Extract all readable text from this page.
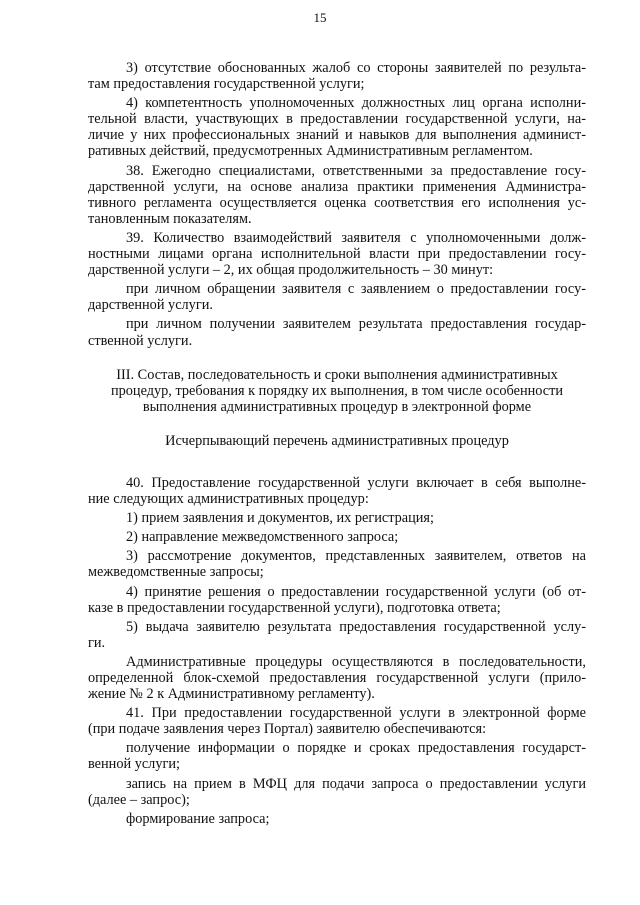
15
3) отсутствие обоснованных жалоб со стороны заявителей по результа-
там предоставления государственной услуги;
4) компетентность уполномоченных должностных лиц органа исполни-
тельной власти, участвующих в предоставлении государственной услуги, на-
личие у них профессиональных знаний и навыков для выполнения админист-
ративных действий, предусмотренных Административным регламентом.
38. Ежегодно специалистами, ответственными за предоставление госу-
дарственной услуги, на основе анализа практики применения Администра-
тивного регламента осуществляется оценка соответствия его исполнения ус-
тановленным показателям.
39. Количество взаимодействий заявителя с уполномоченными долж-
ностными лицами органа исполнительной власти при предоставлении госу-
дарственной услуги – 2, их общая продолжительность – 30 минут:
при личном обращении заявителя с заявлением о предоставлении госу-
дарственной услуги.
при личном получении заявителем результата предоставления государ-
ственной услуги.
III. Состав, последовательность и сроки выполнения административных
процедур, требования к порядку их выполнения, в том числе особенности
выполнения административных процедур в электронной форме
Исчерпывающий перечень административных процедур
40. Предоставление государственной услуги включает в себя выполне-
ние следующих административных процедур:
1) прием заявления и документов, их регистрация;
2) направление межведомственного запроса;
3) рассмотрение документов, представленных заявителем, ответов на
межведомственные запросы;
4) принятие решения о предоставлении государственной услуги (об от-
казе в предоставлении государственной услуги), подготовка ответа;
5) выдача заявителю результата предоставления государственной услу-
ги.
Административные процедуры осуществляются в последовательности,
определенной блок-схемой предоставления государственной услуги (прило-
жение № 2 к Административному регламенту).
41. При предоставлении государственной услуги в электронной форме
(при подаче заявления через Портал) заявителю обеспечиваются:
получение информации о порядке и сроках предоставления государст-
венной услуги;
запись на прием в МФЦ для подачи запроса о предоставлении услуги
(далее – запрос);
формирование запроса;
